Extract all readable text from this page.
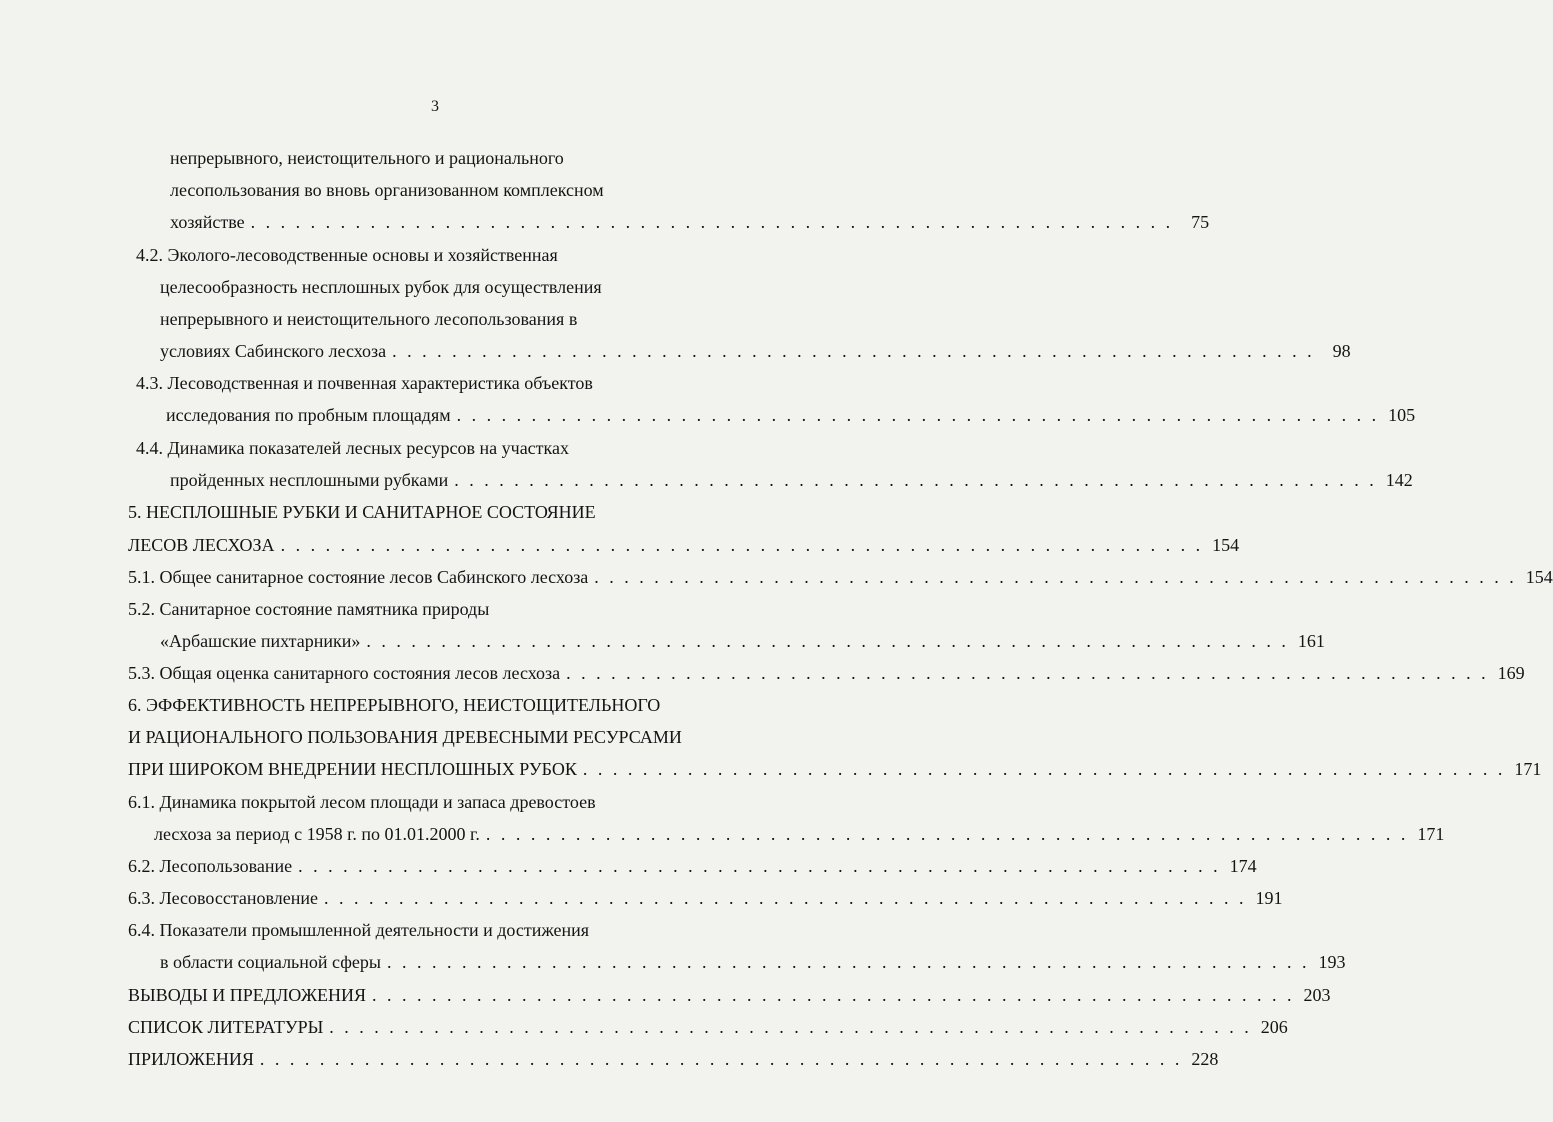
3
непрерывного, неистощительного и рационального
лесопользования во вновь организованном комплексном
хозяйстве . . . . . . . . . . . . . . . . . . . . . . . . . . . . . . . . . . . . . . . . . . . . . . . . . . . . . . . . . . . . . .	75
4.2. Эколого-лесоводственные основы и хозяйственная
целесообразность несплошных рубок для осуществления
непрерывного и неистощительного лесопользования в
условиях Сабинского лесхоза . . . . . . . . . . . . . . . . . . . . . . . . . . . . . . . . . . . . . . . . . . . . . . . . . . . . . . . . . . . . . .	98
4.3. Лесоводственная и почвенная характеристика объектов
исследования по пробным площадям . . . . . . . . . . . . . . . . . . . . . . . . . . . . . . . . . . . . . . . . . . . . . . . . . . . . . . . . . . . . . . 105
4.4. Динамика показателей лесных ресурсов на участках
пройденных несплошными рубками . . . . . . . . . . . . . . . . . . . . . . . . . . . . . . . . . . . . . . . . . . . . . . . . . . . . . . . . . . . . . . 142
5. НЕСПЛОШНЫЕ РУБКИ И САНИТАРНОЕ СОСТОЯНИЕ
ЛЕСОВ ЛЕСХОЗА . . . . . . . . . . . . . . . . . . . . . . . . . . . . . . . . . . . . . . . . . . . . . . . . . . . . . . . . . . . . . . 154
5.1. Общее санитарное состояние лесов Сабинского лесхоза . . . . . . . . . . . . . . . . . . . . . . . . . . . . . . . . . . . . . . . . . . . . . . . . . . . . . . . . . . . . . . 154
5.2. Санитарное состояние памятника природы
«Арбашские пихтарники» . . . . . . . . . . . . . . . . . . . . . . . . . . . . . . . . . . . . . . . . . . . . . . . . . . . . . . . . . . . . . . 161
5.3. Общая оценка санитарного состояния лесов лесхоза . . . . . . . . . . . . . . . . . . . . . . . . . . . . . . . . . . . . . . . . . . . . . . . . . . . . . . . . . . . . . . 169
6. ЭФФЕКТИВНОСТЬ НЕПРЕРЫВНОГО, НЕИСТОЩИТЕЛЬНОГО
И РАЦИОНАЛЬНОГО ПОЛЬЗОВАНИЯ ДРЕВЕСНЫМИ РЕСУРСАМИ
ПРИ ШИРОКОМ ВНЕДРЕНИИ НЕСПЛОШНЫХ РУБОК . . . . . . . . . . . . . . . . . . . . . . . . . . . . . . . . . . . . . . . . . . . . . . . . . . . . . . . . . . . . . . 171
6.1. Динамика покрытой лесом площади и запаса древостоев
лесхоза за период с 1958 г. по 01.01.2000 г. . . . . . . . . . . . . . . . . . . . . . . . . . . . . . . . . . . . . . . . . . . . . . . . . . . . . . . . . . . . . . . 171
6.2. Лесопользование . . . . . . . . . . . . . . . . . . . . . . . . . . . . . . . . . . . . . . . . . . . . . . . . . . . . . . . . . . . . . . 174
6.3. Лесовосстановление . . . . . . . . . . . . . . . . . . . . . . . . . . . . . . . . . . . . . . . . . . . . . . . . . . . . . . . . . . . . . . 191
6.4. Показатели промышленной деятельности и достижения
в области социальной сферы . . . . . . . . . . . . . . . . . . . . . . . . . . . . . . . . . . . . . . . . . . . . . . . . . . . . . . . . . . . . . . 193
ВЫВОДЫ И ПРЕДЛОЖЕНИЯ . . . . . . . . . . . . . . . . . . . . . . . . . . . . . . . . . . . . . . . . . . . . . . . . . . . . . . . . . . . . . . 203
СПИСОК ЛИТЕРАТУРЫ . . . . . . . . . . . . . . . . . . . . . . . . . . . . . . . . . . . . . . . . . . . . . . . . . . . . . . . . . . . . . . 206
ПРИЛОЖЕНИЯ . . . . . . . . . . . . . . . . . . . . . . . . . . . . . . . . . . . . . . . . . . . . . . . . . . . . . . . . . . . . . . 228
